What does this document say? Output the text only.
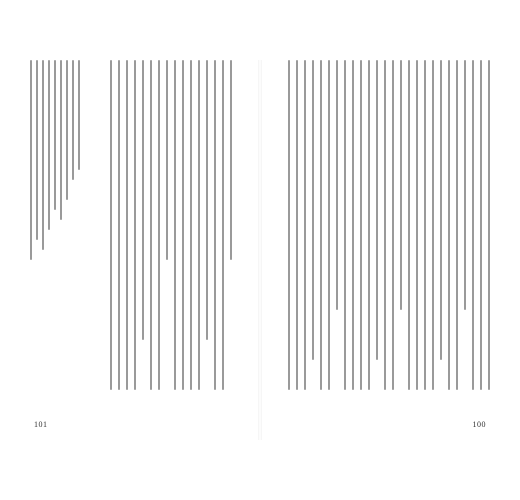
101	100
